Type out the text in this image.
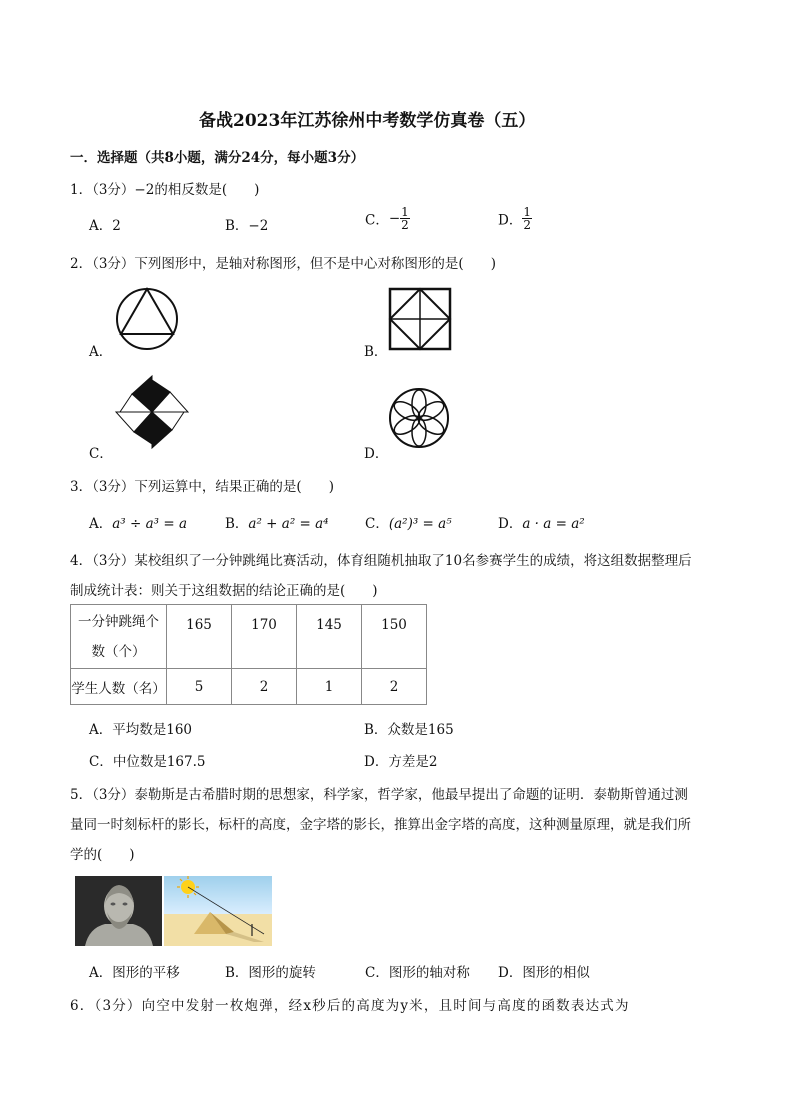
备战2023年江苏徐州中考数学仿真卷（五）
一．选择题（共8小题，满分24分，每小题3分）
1．（3分）−2的相反数是(　　)
A．2	B．−2	C．− $\frac{1}{2}$	D． $\frac{1}{2}$
2．（3分）下列图形中，是轴对称图形，但不是中心对称图形的是(　　)
A．	B．
C．	D．
3．（3分）下列运算中，结果正确的是(　　)
A．a³ ÷ a³ = a	B．a² + a² = a⁴	C．(a²)³ = a⁵	D．a · a = a²
4．（3分）某校组织了一分钟跳绳比赛活动，体育组随机抽取了10名参赛学生的成绩，将这组数据整理后
制成统计表：则关于这组数据的结论正确的是(　　)
一分钟跳绳个
数（个）	165	170	145	150
学生人数（名）	5	2	1	2
A．平均数是160	B．众数是165
C．中位数是167.5	D．方差是2
5．（3分）泰勒斯是古希腊时期的思想家，科学家，哲学家，他最早提出了命题的证明．泰勒斯曾通过测
量同一时刻标杆的影长，标杆的高度，金字塔的影长，推算出金字塔的高度，这种测量原理，就是我们所
学的(　　)
A．图形的平移	B．图形的旋转	C．图形的轴对称 D．图形的相似
6．（3分）向空中发射一枚炮弹，经x秒后的高度为y米，且时间与高度的函数表达式为
